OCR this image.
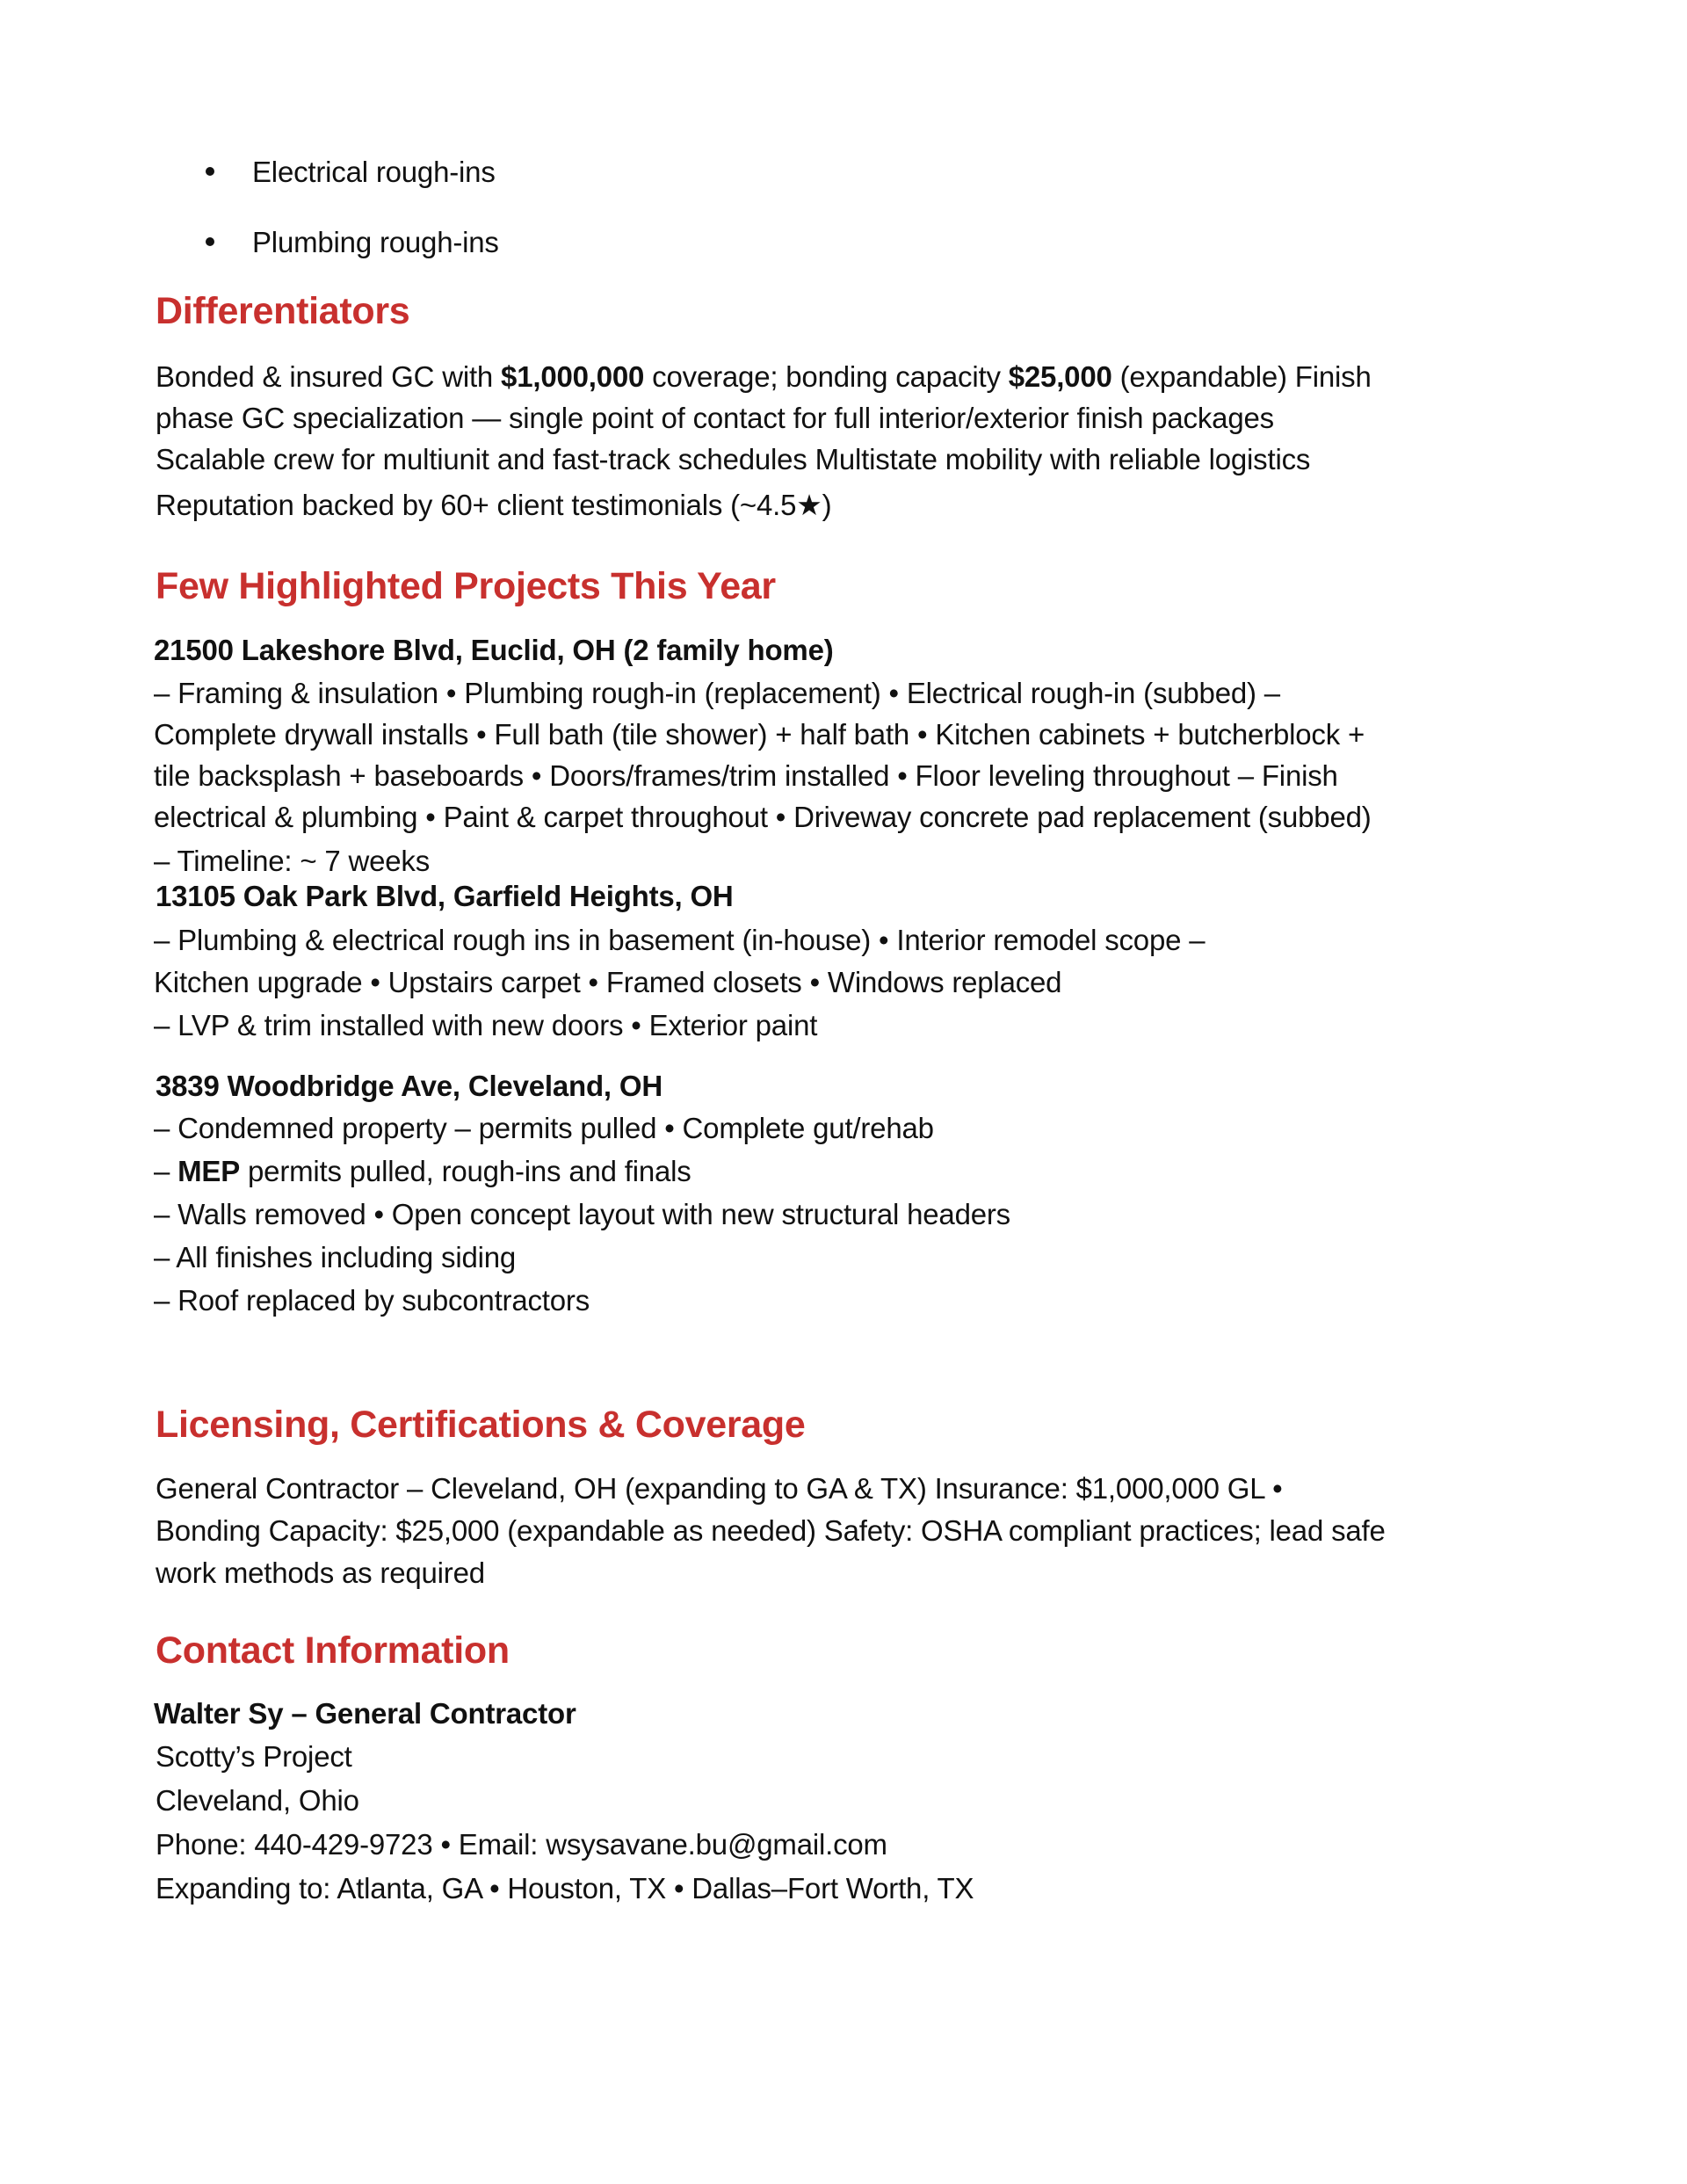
Electrical rough-ins
Plumbing rough-ins
Differentiators
Bonded & insured GC with $1,000,000 coverage; bonding capacity $25,000 (expandable) Finish
phase GC specialization — single point of contact for full interior/exterior finish packages
Scalable crew for multiunit and fast-track schedules Multistate mobility with reliable logistics
Reputation backed by 60+ client testimonials (~4.5★)
Few Highlighted Projects This Year
21500 Lakeshore Blvd, Euclid, OH (2 family home)
– Framing & insulation • Plumbing rough-in (replacement) • Electrical rough-in (subbed) –
Complete drywall installs • Full bath (tile shower) + half bath • Kitchen cabinets + butcherblock +
tile backsplash + baseboards • Doors/frames/trim installed • Floor leveling throughout – Finish
electrical & plumbing • Paint & carpet throughout • Driveway concrete pad replacement (subbed)
– Timeline: ~ 7 weeks
13105 Oak Park Blvd, Garfield Heights, OH
– Plumbing & electrical rough ins in basement (in-house) • Interior remodel scope –
Kitchen upgrade • Upstairs carpet • Framed closets • Windows replaced
– LVP & trim installed with new doors • Exterior paint
3839 Woodbridge Ave, Cleveland, OH
– Condemned property – permits pulled • Complete gut/rehab
– MEP permits pulled, rough-ins and finals
– Walls removed • Open concept layout with new structural headers
– All finishes including siding
– Roof replaced by subcontractors
Licensing, Certifications & Coverage
General Contractor – Cleveland, OH (expanding to GA & TX) Insurance: $1,000,000 GL •
Bonding Capacity: $25,000 (expandable as needed) Safety: OSHA compliant practices; lead safe
work methods as required
Contact Information
Walter Sy – General Contractor
Scotty’s Project
Cleveland, Ohio
Phone: 440-429-9723 • Email: wsysavane.bu@gmail.com
Expanding to: Atlanta, GA • Houston, TX • Dallas–Fort Worth, TX
